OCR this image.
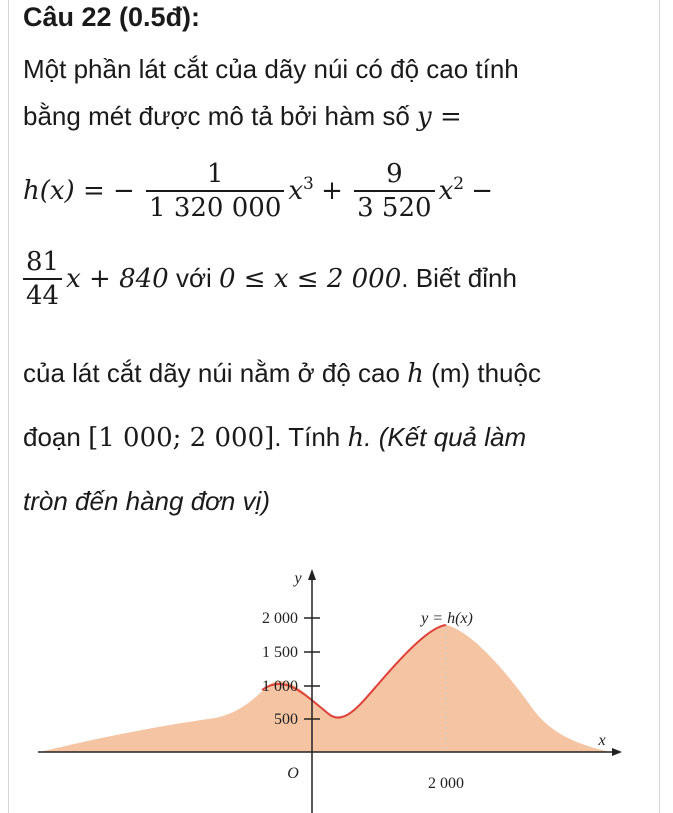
Câu 22 (0.5đ):
Một phần lát cắt của dãy núi có độ cao tính
bằng mét được mô tả bởi hàm số y =
h(x) = − $\frac{1}{1 320 000} x^3 + \frac{9}{3 520} x^2$ −
$\frac{81}{44}$ x + 840 với 0 ≤ x ≤ 2 000. Biết đỉnh
của lát cắt dãy núi nằm ở độ cao h (m) thuộc
đoạn [1 000; 2 000]. Tính h. (Kết quả làm
tròn đến hàng đơn vị)
2 000
1 500
1 000
500
2 000
O
y
x
y = h(x)
